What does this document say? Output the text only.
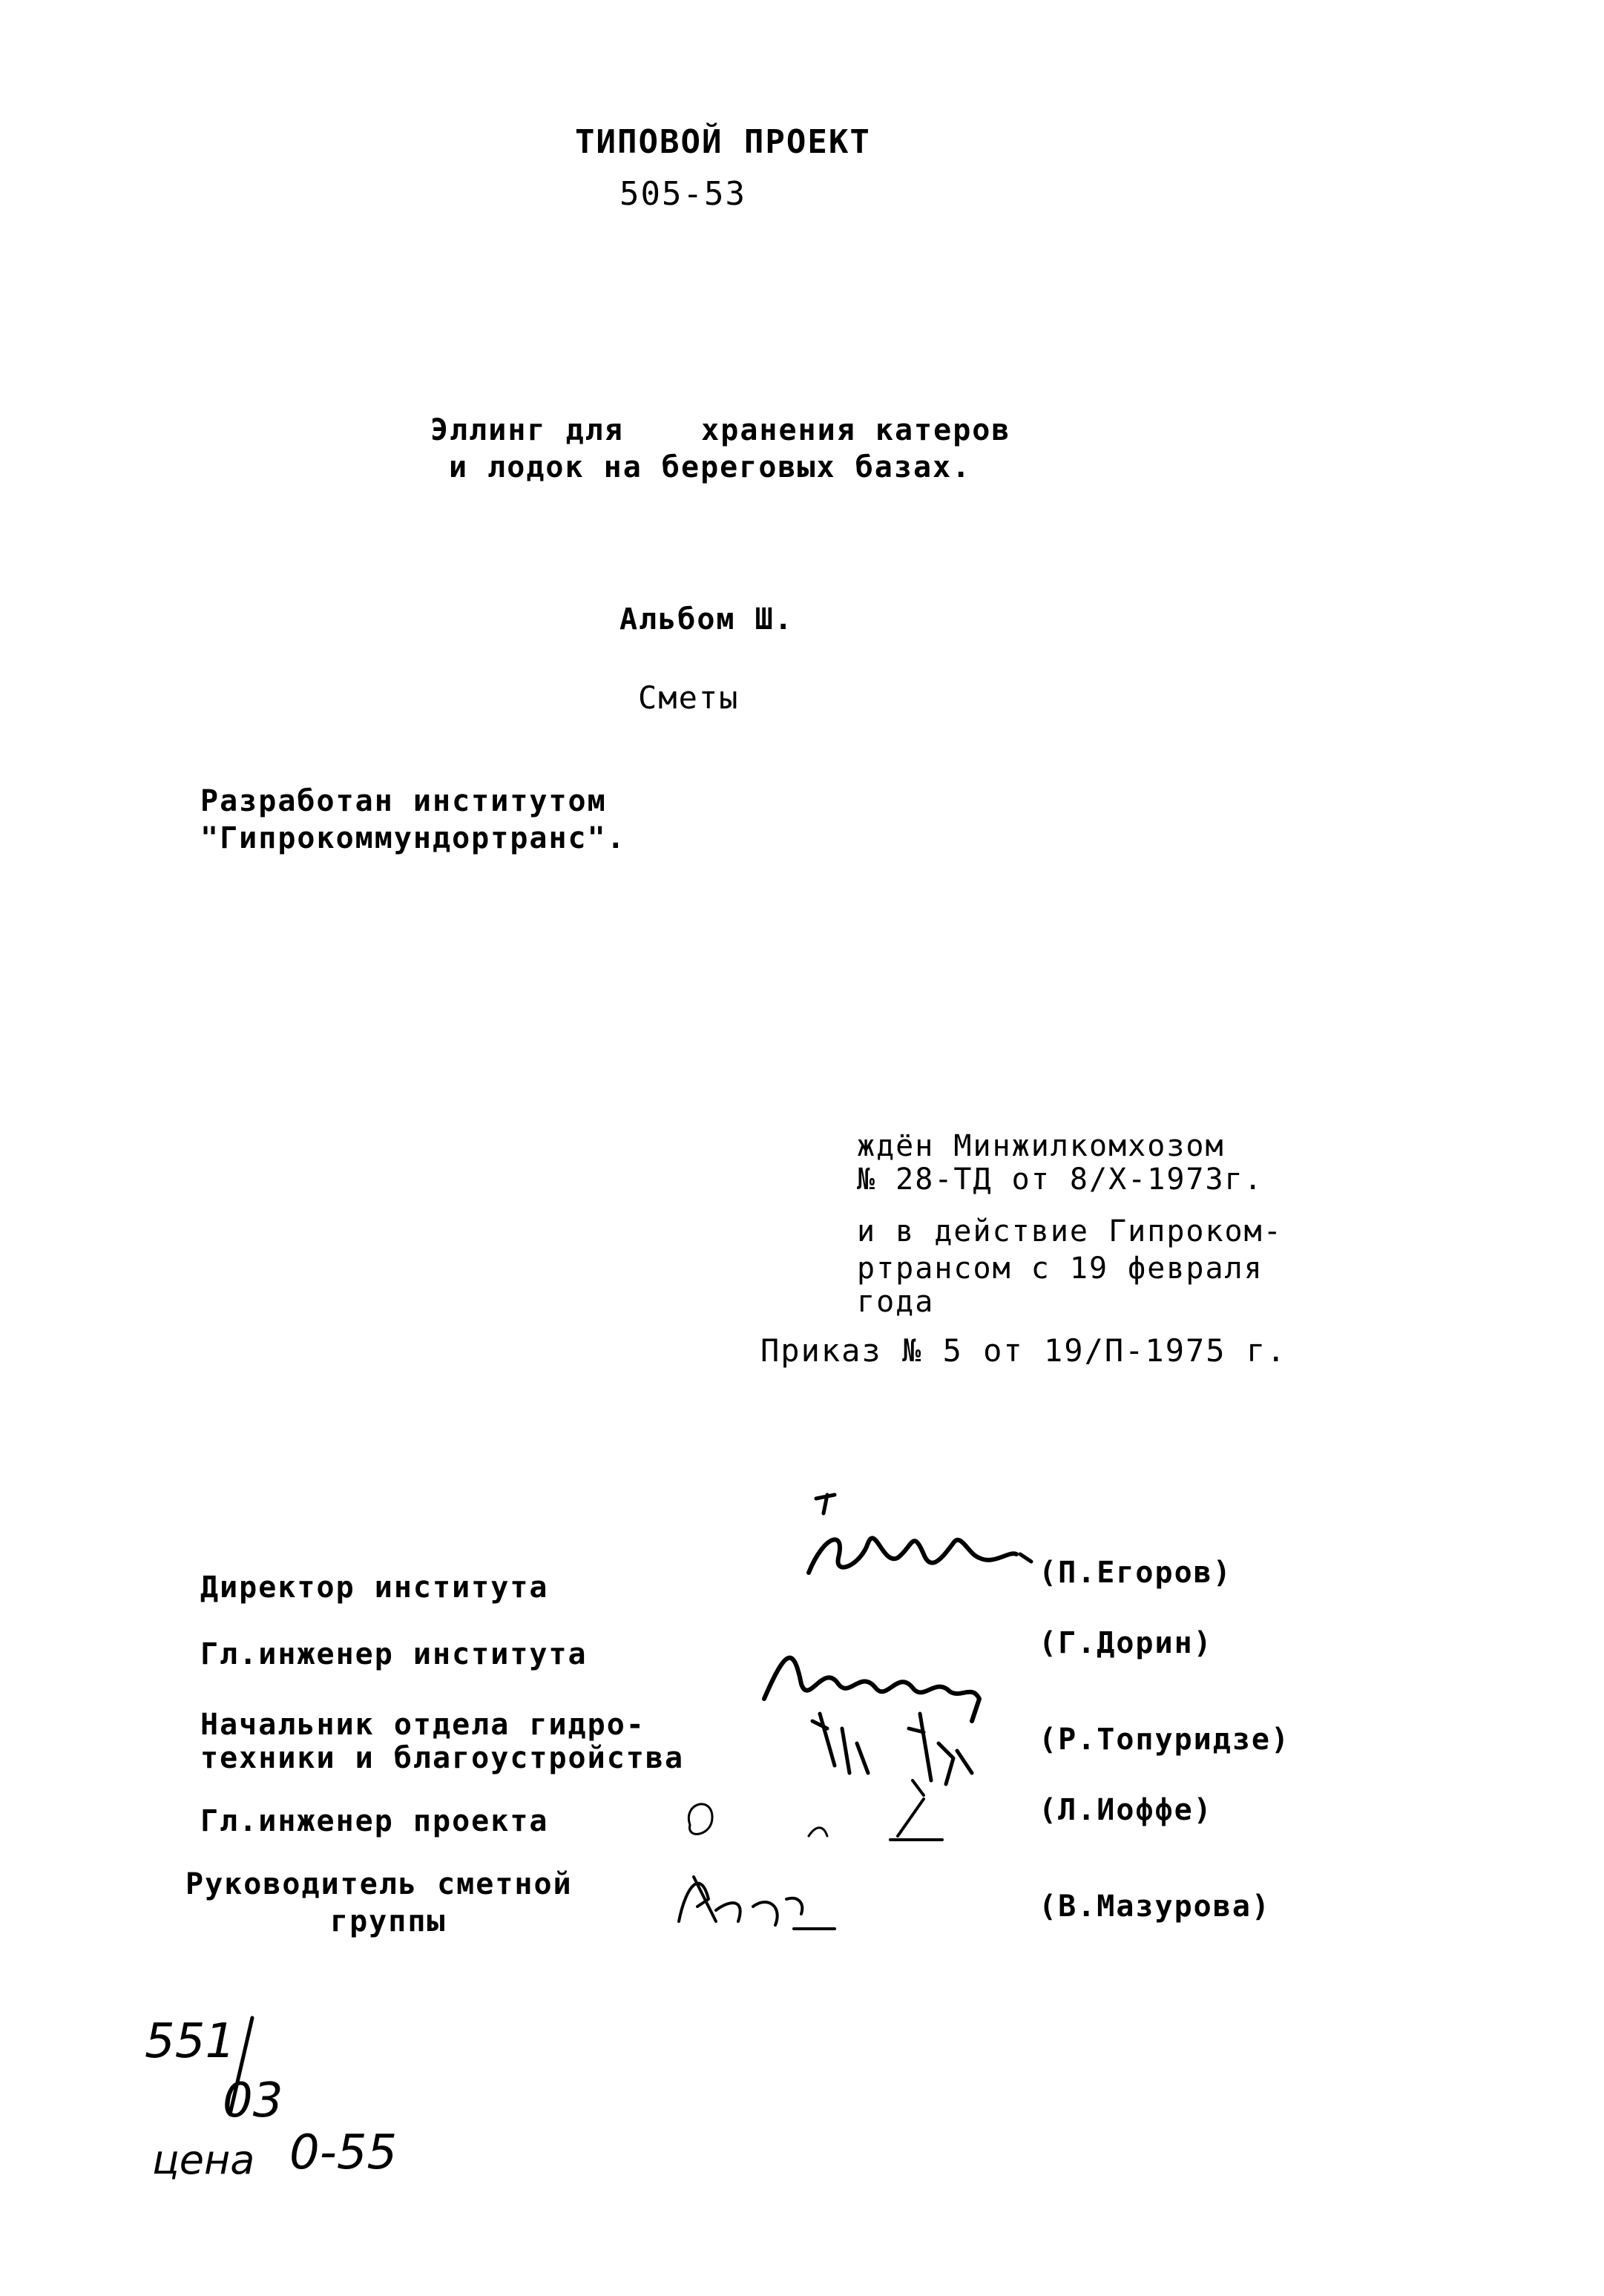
ТИПОВОЙ ПРОЕКТ
505-53
Эллинг для    хранения катеров
и лодок на береговых базах.
Альбом Ш.
Сметы
Разработан институтом
"Гипрокоммундортранс".
ждён Минжилкомхозом
№ 28-ТД от 8/Х-1973г.
и в действие Гипроком-
ртрансом с 19 февраля
года
Приказ № 5 от 19/П-1975 г.
Директор института
Гл.инженер института
Начальник отдела гидро-
техники и благоустройства
Гл.инженер проекта
Руководитель сметной
группы
(П.Егоров)
(Г.Дорин)
(Р.Топуридзе)
(Л.Иоффе)
(В.Мазурова)
551
03
цена 0-55
